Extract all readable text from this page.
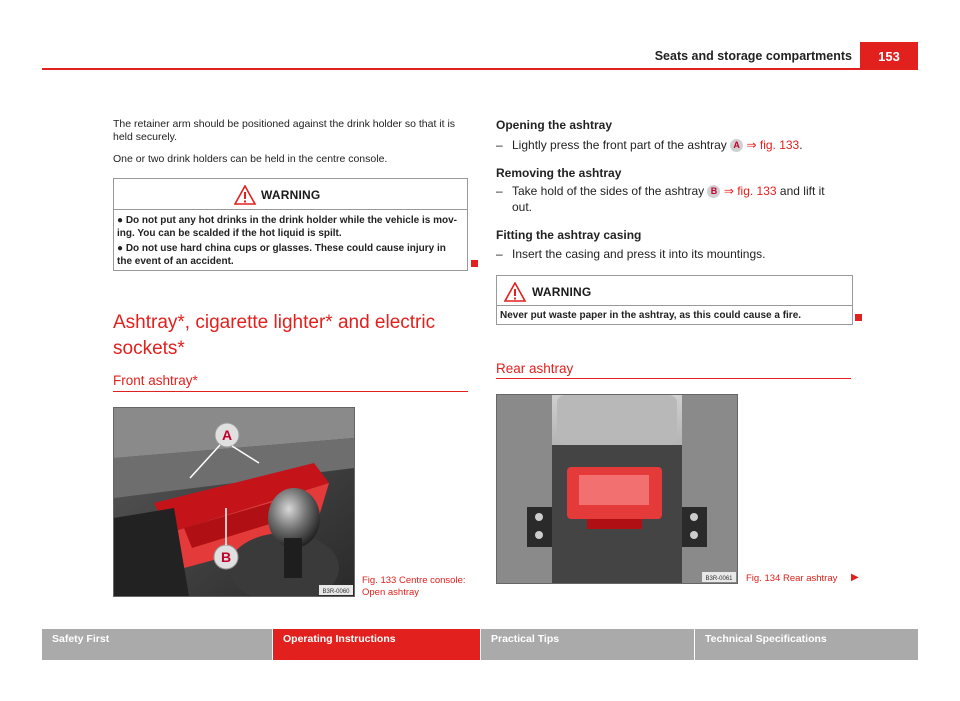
Seats and storage compartments	153
The retainer arm should be positioned against the drink holder so that it is held securely.
One or two drink holders can be held in the centre console.
WARNING
● Do not put any hot drinks in the drink holder while the vehicle is mov-ing. You can be scalded if the hot liquid is spilt.
● Do not use hard china cups or glasses. These could cause injury in the event of an accident.
Ashtray*, cigarette lighter* and electric
sockets*
Front ashtray*
A
B
B3R-0060
Fig. 133 Centre console:
Open ashtray
Opening the ashtray
– Lightly press the front part of the ashtray A ⇒ fig. 133.
Removing the ashtray
– Take hold of the sides of the ashtray B ⇒ fig. 133 and lift it
out.
Fitting the ashtray casing
– Insert the casing and press it into its mountings.
WARNING
Never put waste paper in the ashtray, as this could cause a fire.
Rear ashtray
B3R-0061 Fig. 134 Rear ashtray ▶
Safety First	Operating Instructions	Practical Tips	Technical Specifications
